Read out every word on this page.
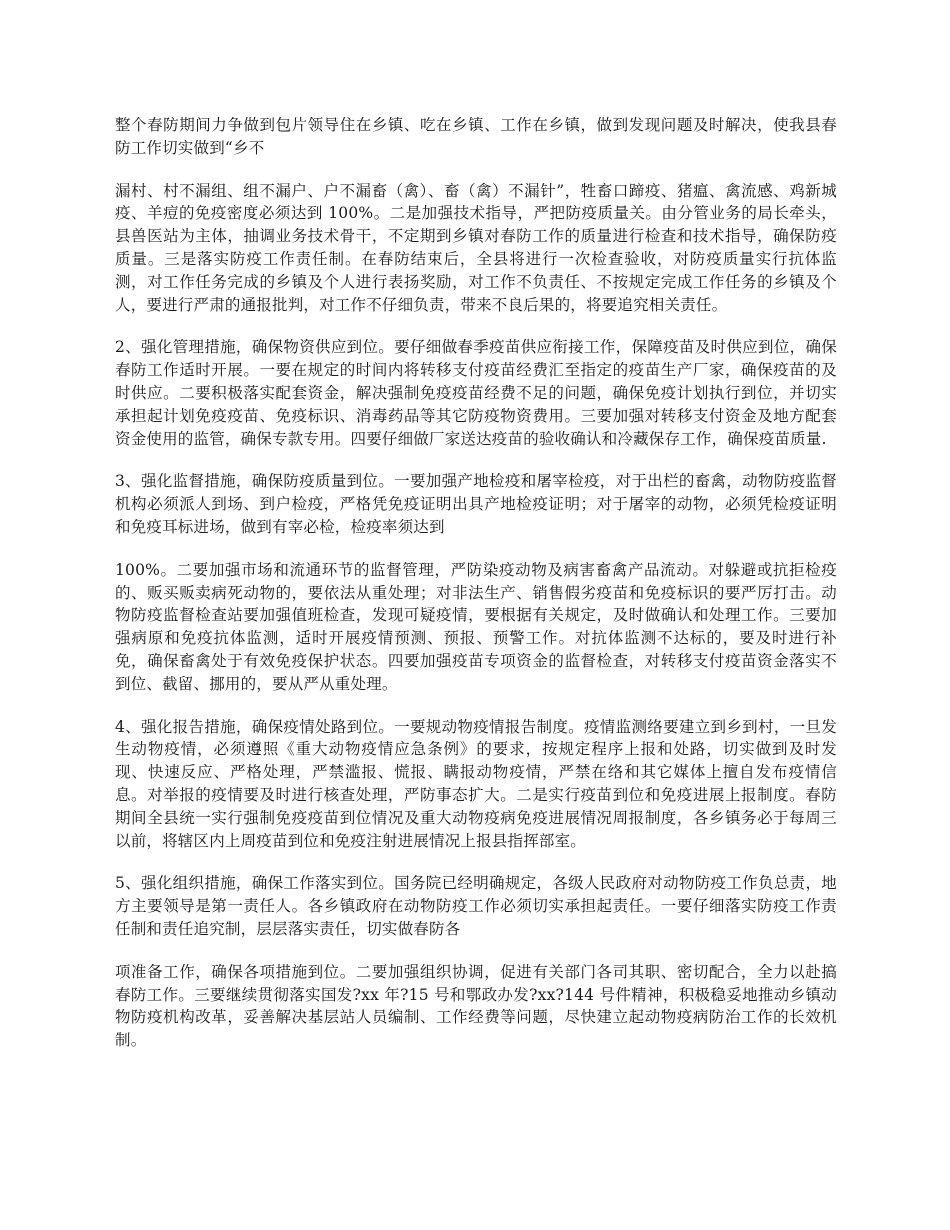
整个春防期间力争做到包片领导住在乡镇、吃在乡镇、工作在乡镇，做到发现问题及时解决，使我县春防工作切实做到“乡不

漏村、村不漏组、组不漏户、户不漏畜（禽）、畜（禽）不漏针”，牲畜口蹄疫、猪瘟、禽流感、鸡新城疫、羊痘的免疫密度必须达到 100%。二是加强技术指导，严把防疫质量关。由分管业务的局长牵头，县兽医站为主体，抽调业务技术骨干，不定期到乡镇对春防工作的质量进行检查和技术指导，确保防疫质量。三是落实防疫工作责任制。在春防结束后，全县将进行一次检查验收，对防疫质量实行抗体监测，对工作任务完成的乡镇及个人进行表扬奖励，对工作不负责任、不按规定完成工作任务的乡镇及个人，要进行严肃的通报批判，对工作不仔细负责，带来不良后果的，将要追究相关责任。

2、强化管理措施，确保物资供应到位。要仔细做春季疫苗供应衔接工作，保障疫苗及时供应到位，确保春防工作适时开展。一要在规定的时间内将转移支付疫苗经费汇至指定的疫苗生产厂家，确保疫苗的及时供应。二要积极落实配套资金，解决强制免疫疫苗经费不足的问题，确保免疫计划执行到位，并切实承担起计划免疫疫苗、免疫标识、消毒药品等其它防疫物资费用。三要加强对转移支付资金及地方配套资金使用的监管，确保专款专用。四要仔细做厂家送达疫苗的验收确认和冷藏保存工作，确保疫苗质量.

3、强化监督措施，确保防疫质量到位。一要加强产地检疫和屠宰检疫，对于出栏的畜禽，动物防疫监督机构必须派人到场、到户检疫，严格凭免疫证明出具产地检疫证明；对于屠宰的动物，必须凭检疫证明和免疫耳标进场，做到有宰必检，检疫率须达到

100%。二要加强市场和流通环节的监督管理，严防染疫动物及病害畜禽产品流动。对躲避或抗拒检疫的、贩买贩卖病死动物的，要依法从重处理；对非法生产、销售假劣疫苗和免疫标识的要严厉打击。动物防疫监督检查站要加强值班检查，发现可疑疫情，要根据有关规定，及时做确认和处理工作。三要加强病原和免疫抗体监测，适时开展疫情预测、预报、预警工作。对抗体监测不达标的，要及时进行补免，确保畜禽处于有效免疫保护状态。四要加强疫苗专项资金的监督检查，对转移支付疫苗资金落实不到位、截留、挪用的，要从严从重处理。

4、强化报告措施，确保疫情处路到位。一要规动物疫情报告制度。疫情监测络要建立到乡到村，一旦发生动物疫情，必须遵照《重大动物疫情应急条例》的要求，按规定程序上报和处路，切实做到及时发现、快速反应、严格处理，严禁滥报、慌报、瞒报动物疫情，严禁在络和其它媒体上擅自发布疫情信息。对举报的疫情要及时进行核查处理，严防事态扩大。二是实行疫苗到位和免疫进展上报制度。春防期间全县统一实行强制免疫疫苗到位情况及重大动物疫病免疫进展情况周报制度，各乡镇务必于每周三以前，将辖区内上周疫苗到位和免疫注射进展情况上报县指挥部室。

5、强化组织措施，确保工作落实到位。国务院已经明确规定，各级人民政府对动物防疫工作负总责，地方主要领导是第一责任人。各乡镇政府在动物防疫工作必须切实承担起责任。一要仔细落实防疫工作责任制和责任追究制，层层落实责任，切实做春防各

项准备工作，确保各项措施到位。二要加强组织协调，促进有关部门各司其职、密切配合，全力以赴搞春防工作。三要继续贯彻落实国发?xx 年?15 号和鄂政办发?xx?144 号件精神，积极稳妥地推动乡镇动物防疫机构改革，妥善解决基层站人员编制、工作经费等问题，尽快建立起动物疫病防治工作的长效机制。
